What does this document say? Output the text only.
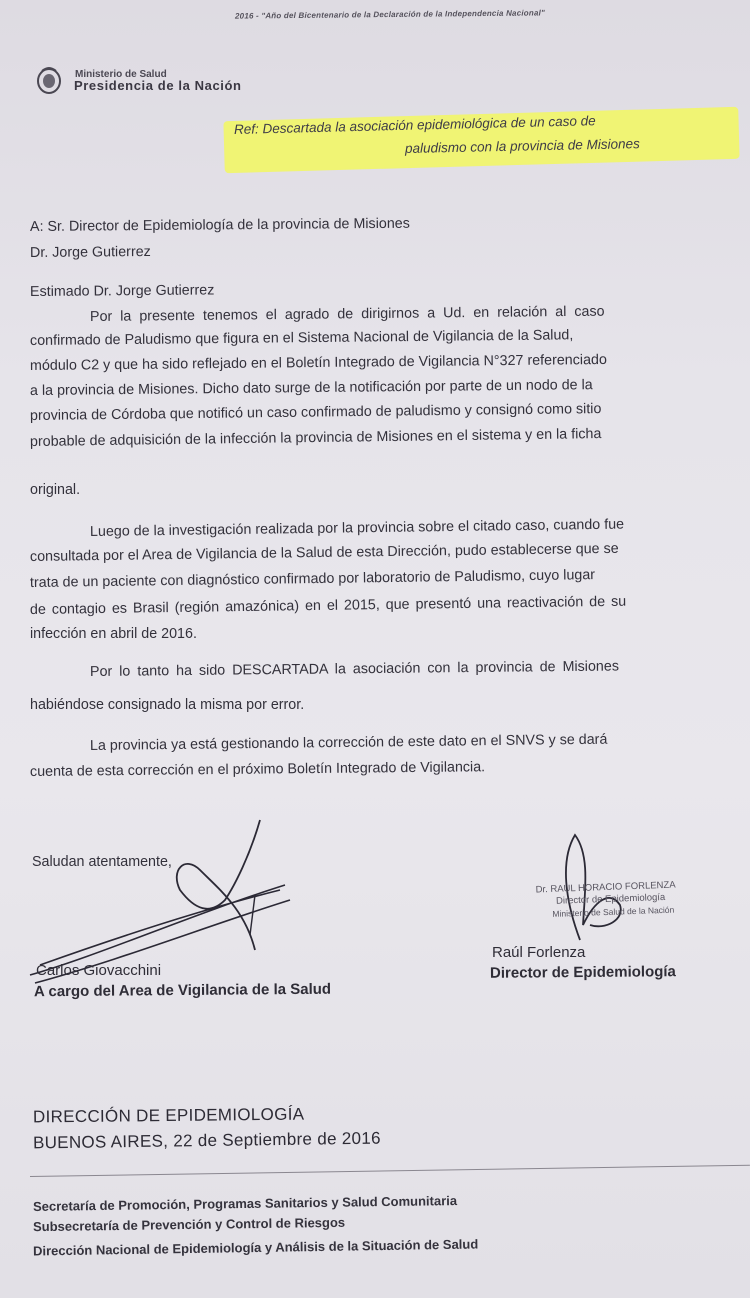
2016 - "Año del Bicentenario de la Declaración de la Independencia Nacional"
Ministerio de Salud
Presidencia de la Nación
Ref: Descartada la asociación epidemiológica de un caso de
paludismo con la provincia de Misiones
A: Sr. Director de Epidemiología de la provincia de Misiones
Dr. Jorge Gutierrez
Estimado Dr. Jorge Gutierrez
Por la presente tenemos el agrado de dirigirnos a Ud. en relación al caso
confirmado de Paludismo que figura en el Sistema Nacional de Vigilancia de la Salud,
módulo C2 y que ha sido reflejado en el Boletín Integrado de Vigilancia N°327 referenciado
a la provincia de Misiones. Dicho dato surge de la notificación por parte de un nodo de la
provincia de Córdoba que notificó un caso confirmado de paludismo y consignó como sitio
probable de adquisición de la infección la provincia de Misiones en el sistema y en la ficha
original.
Luego de la investigación realizada por la provincia sobre el citado caso, cuando fue
consultada por el Area de Vigilancia de la Salud de esta Dirección, pudo establecerse que se
trata de un paciente con diagnóstico confirmado por laboratorio de Paludismo, cuyo lugar
de contagio es Brasil (región amazónica) en el 2015, que presentó una reactivación de su
infección en abril de 2016.
Por lo tanto ha sido DESCARTADA la asociación con la provincia de Misiones
habiéndose consignado la misma por error.
La provincia ya está gestionando la corrección de este dato en el SNVS y se dará
cuenta de esta corrección en el próximo Boletín Integrado de Vigilancia.
Saludan atentamente,
Dr. RAUL HORACIO FORLENZA
Director de Epidemiología
Ministerio de Salud de la Nación
Carlos Giovacchini
A cargo del Area de Vigilancia de la Salud
Raúl Forlenza
Director de Epidemiología
DIRECCIÓN DE EPIDEMIOLOGÍA
BUENOS AIRES, 22 de Septiembre de 2016
Secretaría de Promoción, Programas Sanitarios y Salud Comunitaria
Subsecretaría de Prevención y Control de Riesgos
Dirección Nacional de Epidemiología y Análisis de la Situación de Salud
